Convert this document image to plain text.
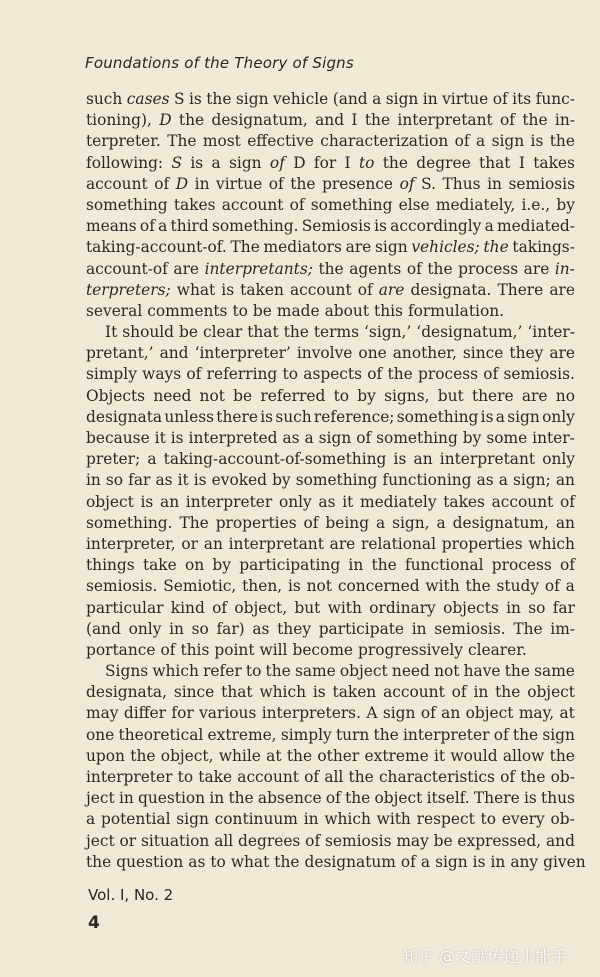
Foundations of the Theory of Signs
such cases S is the sign vehicle (and a sign in virtue of its func-
tioning), D the designatum, and I the interpretant of the in-
terpreter. The most effective characterization of a sign is the
following: S is a sign of D for I to the degree that I takes
account of D in virtue of the presence of S. Thus in semiosis
something takes account of something else mediately, i.e., by
means of a third something. Semiosis is accordingly a mediated-
taking-account-of. The mediators are sign vehicles; the takings-
account-of are interpretants; the agents of the process are in-
terpreters; what is taken account of are designata. There are
several comments to be made about this formulation.
It should be clear that the terms ‘sign,’ ‘designatum,’ ‘inter-
pretant,’ and ‘interpreter’ involve one another, since they are
simply ways of referring to aspects of the process of semiosis.
Objects need not be referred to by signs, but there are no
designata unless there is such reference; something is a sign only
because it is interpreted as a sign of something by some inter-
preter; a taking-account-of-something is an interpretant only
in so far as it is evoked by something functioning as a sign; an
object is an interpreter only as it mediately takes account of
something. The properties of being a sign, a designatum, an
interpreter, or an interpretant are relational properties which
things take on by participating in the functional process of
semiosis. Semiotic, then, is not concerned with the study of a
particular kind of object, but with ordinary objects in so far
(and only in so far) as they participate in semiosis. The im-
portance of this point will become progressively clearer.
Signs which refer to the same object need not have the same
designata, since that which is taken account of in the object
may differ for various interpreters. A sign of an object may, at
one theoretical extreme, simply turn the interpreter of the sign
upon the object, while at the other extreme it would allow the
interpreter to take account of all the characteristics of the ob-
ject in question in the absence of the object itself. There is thus
a potential sign continuum in which with respect to every ob-
ject or situation all degrees of semiosis may be expressed, and
the question as to what the designatum of a sign is in any given
Vol. I, No. 2
4
知乎 @文献传递小能手
